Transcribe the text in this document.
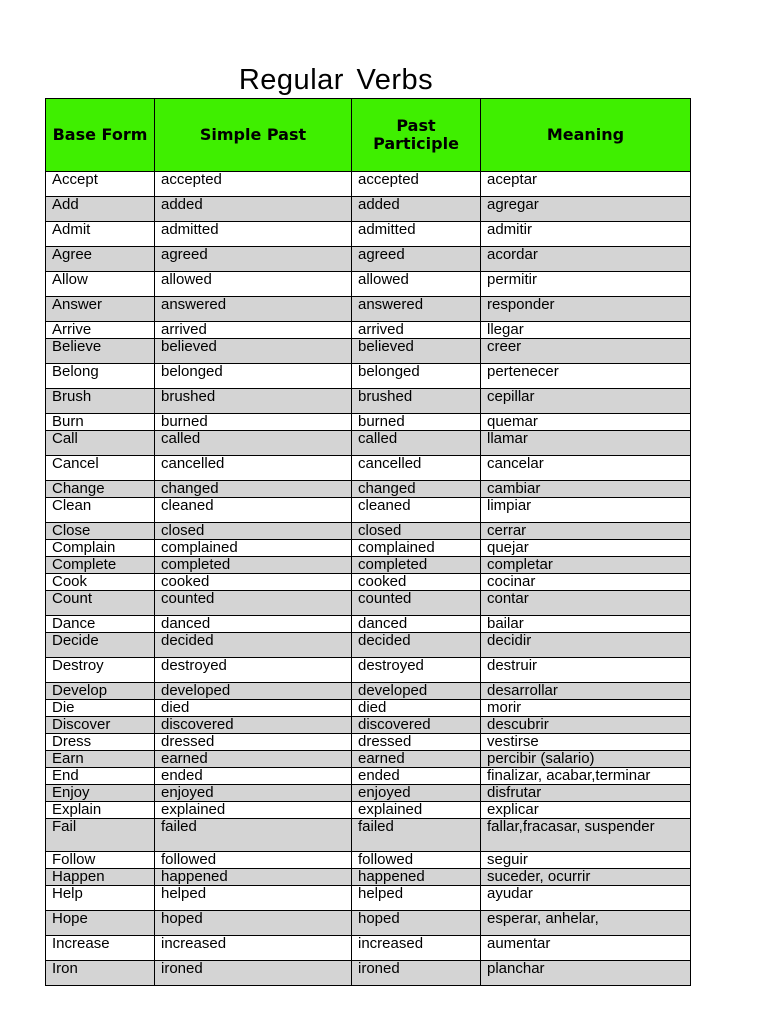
Regular Verbs
Base Form	Simple Past	Past Participle	Meaning
Accept	accepted	accepted	aceptar
Add	added	added	agregar
Admit	admitted	admitted	admitir
Agree	agreed	agreed	acordar
Allow	allowed	allowed	permitir
Answer	answered	answered	responder
Arrive	arrived	arrived	llegar
Believe	believed	believed	creer
Belong	belonged	belonged	pertenecer
Brush	brushed	brushed	cepillar
Burn	burned	burned	quemar
Call	called	called	llamar
Cancel	cancelled	cancelled	cancelar
Change	changed	changed	cambiar
Clean	cleaned	cleaned	limpiar
Close	closed	closed	cerrar
Complain	complained	complained	quejar
Complete	completed	completed	completar
Cook	cooked	cooked	cocinar
Count	counted	counted	contar
Dance	danced	danced	bailar
Decide	decided	decided	decidir
Destroy	destroyed	destroyed	destruir
Develop	developed	developed	desarrollar
Die	died	died	morir
Discover	discovered	discovered	descubrir
Dress	dressed	dressed	vestirse
Earn	earned	earned	percibir (salario)
End	ended	ended	finalizar, acabar,terminar
Enjoy	enjoyed	enjoyed	disfrutar
Explain	explained	explained	explicar
Fail	failed	failed	fallar,fracasar, suspender
Follow	followed	followed	seguir
Happen	happened	happened	suceder, ocurrir
Help	helped	helped	ayudar
Hope	hoped	hoped	esperar, anhelar,
Increase	increased	increased	aumentar
Iron	ironed	ironed	planchar
